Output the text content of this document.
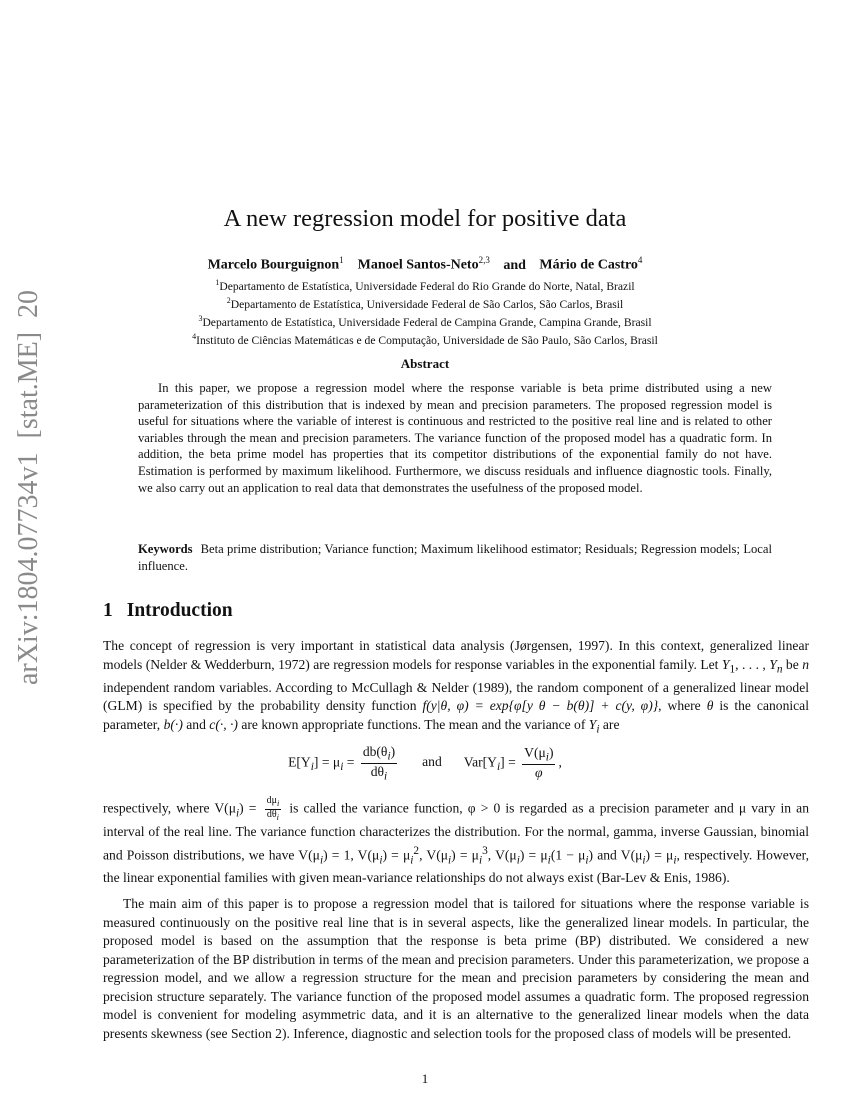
arXiv:1804.07734v1  [stat.ME]  20 Apr 2018	A new regression model for positive data
Marcelo Bourguignon$^1$ Manoel Santos-Neto$^{2,3}$ and Mário de Castro$^4$
$^1$Departamento de Estatística, Universidade Federal do Rio Grande do Norte, Natal, Brazil
$^2$Departamento de Estatística, Universidade Federal de São Carlos, São Carlos, Brasil
$^3$Departamento de Estatística, Universidade Federal de Campina Grande, Campina Grande, Brasil
$^4$Instituto de Ciências Matemáticas e de Computação, Universidade de São Paulo, São Carlos, Brasil
Abstract
In this paper, we propose a regression model where the response variable is beta prime distributed using a new parameterization of this distribution that is indexed by mean and precision parameters. The proposed regression model is useful for situations where the variable of interest is continuous and restricted to the positive real line and is related to other variables through the mean and precision parameters. The variance function of the proposed model has a quadratic form. In addition, the beta prime model has properties that its competitor distributions of the exponential family do not have. Estimation is performed by maximum likelihood. Furthermore, we discuss residuals and influence diagnostic tools. Finally, we also carry out an application to real data that demonstrates the usefulness of the proposed model.
Keywords Beta prime distribution; Variance function; Maximum likelihood estimator; Residuals; Regression models; Local influence.
1 Introduction
The concept of regression is very important in statistical data analysis (Jørgensen, 1997). In this context, generalized linear models (Nelder & Wedderburn, 1972) are regression models for response variables in the exponential family. Let $Y_1$, . . . , $Y_n$ be n independent random variables. According to McCullagh & Nelder (1989), the random component of a generalized linear model (GLM) is specified by the probability density function f(y|θ, φ) = exp{φ[y θ − b(θ)] + c(y, φ)}, where θ is the canonical parameter, b(·) and c(·, ·) are known appropriate functions. The mean and the variance of $Y_i$ are
$E[Y_i] = \mu_i = \frac{db(\theta_i)}{d\theta_i}$ and $Var[Y_i] = \frac{V(\mu_i)}{\varphi}$ ,
respectively, where $V(\mu_i) = \frac{d\mu_i}{d\theta_i}$ is called the variance function, φ > 0 is regarded as a precision parameter and μ vary in an interval of the real line. The variance function characterizes the distribution. For the normal, gamma, inverse Gaussian, binomial and Poisson distributions, we have $V(\mu_i) = 1$, $V(\mu_i) = \mu_i^2$, $V(\mu_i) = \mu_i^3$, $V(\mu_i) = \mu_i(1 - \mu_i)$ and $V(\mu_i) = \mu_i$, respectively. However, the linear exponential families with given mean-variance relationships do not always exist (Bar-Lev & Enis, 1986).
The main aim of this paper is to propose a regression model that is tailored for situations where the response variable is measured continuously on the positive real line that is in several aspects, like the generalized linear models. In particular, the proposed model is based on the assumption that the response is beta prime (BP) distributed. We considered a new parameterization of the BP distribution in terms of the mean and precision parameters. Under this parameterization, we propose a regression model, and we allow a regression structure for the mean and precision parameters by considering the mean and precision structure separately. The variance function of the proposed model assumes a quadratic form. The proposed regression model is convenient for modeling asymmetric data, and it is an alternative to the generalized linear models when the data presents skewness (see Section 2). Inference, diagnostic and selection tools for the proposed class of models will be presented.
1
